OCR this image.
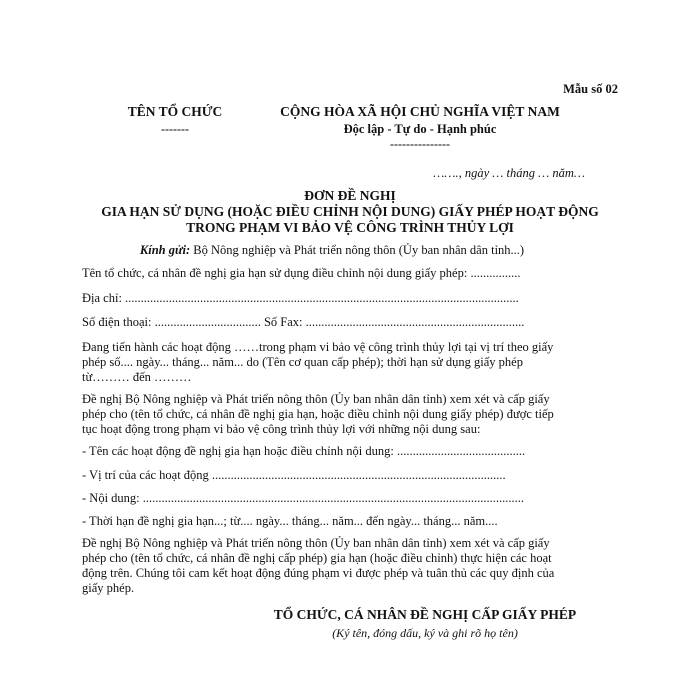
Mẫu số 02
TÊN TỔ CHỨC
-------
CỘNG HÒA XÃ HỘI CHỦ NGHĨA VIỆT NAM
Độc lập - Tự do - Hạnh phúc
---------------
……., ngày … tháng … năm…
ĐƠN ĐỀ NGHỊ
GIA HẠN SỬ DỤNG (HOẶC ĐIỀU CHỈNH NỘI DUNG) GIẤY PHÉP HOẠT ĐỘNG
TRONG PHẠM VI BẢO VỆ CÔNG TRÌNH THỦY LỢI
Kính gửi: Bộ Nông nghiệp và Phát triển nông thôn (Ủy ban nhân dân tỉnh...)
Tên tổ chức, cá nhân đề nghị gia hạn sử dụng điều chỉnh nội dung giấy phép: ................
Địa chỉ: ..............................................................................................................................
Số điện thoại: .................................. Số Fax: ......................................................................
Đang tiến hành các hoạt động ……trong phạm vi bảo vệ công trình thủy lợi tại vị trí theo giấy
phép số.... ngày... tháng... năm... do (Tên cơ quan cấp phép); thời hạn sử dụng giấy phép
từ……… đến ………
Đề nghị Bộ Nông nghiệp và Phát triển nông thôn (Ủy ban nhân dân tỉnh) xem xét và cấp giấy
phép cho (tên tổ chức, cá nhân đề nghị gia hạn, hoặc điều chỉnh nội dung giấy phép) được tiếp
tục hoạt động trong phạm vi bảo vệ công trình thủy lợi với những nội dung sau:
- Tên các hoạt động đề nghị gia hạn hoặc điều chỉnh nội dung: .........................................
- Vị trí của các hoạt động ..............................................................................................
- Nội dung: ..........................................................................................................................
- Thời hạn đề nghị gia hạn...; từ.... ngày... tháng... năm... đến ngày... tháng... năm....
Đề nghị Bộ Nông nghiệp và Phát triển nông thôn (Ủy ban nhân dân tỉnh) xem xét và cấp giấy
phép cho (tên tổ chức, cá nhân đề nghị cấp phép) gia hạn (hoặc điều chỉnh) thực hiện các hoạt
động trên. Chúng tôi cam kết hoạt động đúng phạm vi được phép và tuân thủ các quy định của
giấy phép.
TỔ CHỨC, CÁ NHÂN ĐỀ NGHỊ CẤP GIẤY PHÉP
(Ký tên, đóng dấu, ký và ghi rõ họ tên)
